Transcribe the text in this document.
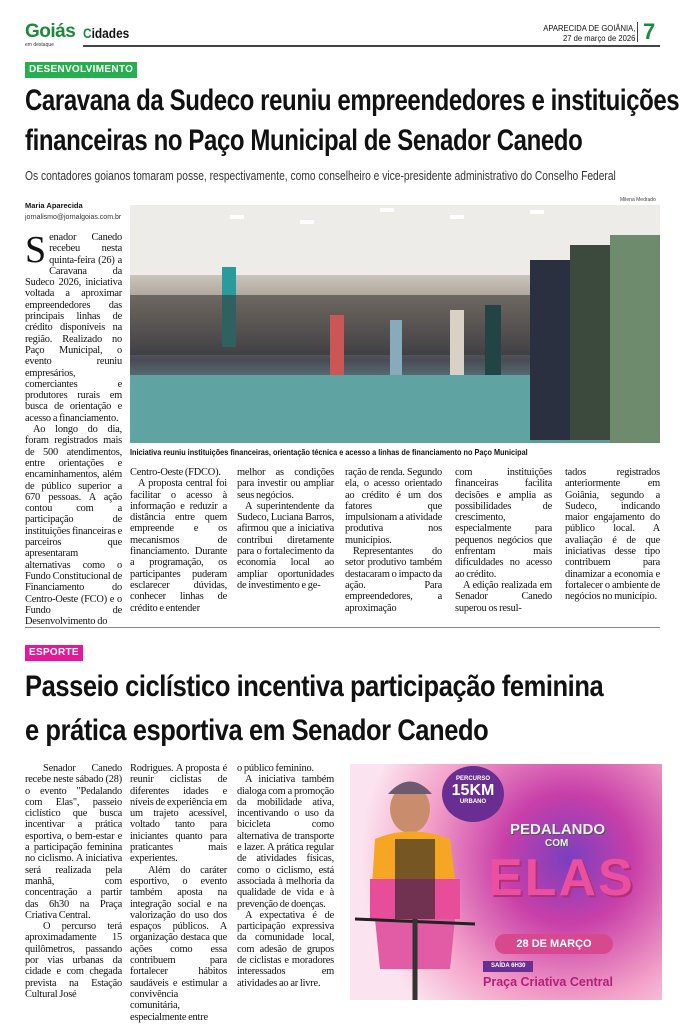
Goiás
em destaque
Cidades	APARECIDA DE GOIÂNIA,
27 de março de 2026 7
DESENVOLVIMENTO
Caravana da Sudeco reuniu empreendedores e instituições
financeiras no Paço Municipal de Senador Canedo
Os contadores goianos tomaram posse, respectivamente, como conselheiro e vice-presidente administrativo do Conselho Federal
Maria Aparecida
jornalismo@jornalgoias.com.br
Milena Medrado
Iniciativa reuniu instituições financeiras, orientação técnica e acesso a linhas de financiamento no Paço Municipal

Senador Canedo recebeu nesta quinta-feira (26) a Caravana da Sudeco 2026, iniciativa voltada a aproximar empreendedores das principais linhas de crédito disponíveis na região. Realizado no Paço Municipal, o evento reuniu empresários, comerciantes e produtores rurais em busca de orientação e acesso a financiamento.

Ao longo do dia, foram registrados mais de 500 atendimentos, entre orientações e encaminhamentos, além de público superior a 670 pessoas. A ação contou com a participação de instituições financeiras e parceiros que apresentaram alternativas como o Fundo Constitucional de Financiamento do Centro-Oeste (FCO) e o Fundo de Desenvolvimento do

Centro-Oeste (FDCO).

A proposta central foi facilitar o acesso à informação e reduzir a distância entre quem empreende e os mecanismos de financiamento. Durante a programação, os participantes puderam esclarecer dúvidas, conhecer linhas de crédito e entender

melhor as condições para investir ou ampliar seus negócios.

A superintendente da Sudeco, Luciana Barros, afirmou que a iniciativa contribui diretamente para o fortalecimento da economia local ao ampliar oportunidades de investimento e ge-

ração de renda. Segundo ela, o acesso orientado ao crédito é um dos fatores que impulsionam a atividade produtiva nos municípios.

Representantes do setor produtivo também destacaram o impacto da ação. Para empreendedores, a aproximação

com instituições financeiras facilita decisões e amplia as possibilidades de crescimento, especialmente para pequenos negócios que enfrentam mais dificuldades no acesso ao crédito.

A edição realizada em Senador Canedo superou os resul-

tados registrados anteriormente em Goiânia, segundo a Sudeco, indicando maior engajamento do público local. A avaliação é de que iniciativas desse tipo contribuem para dinamizar a economia e fortalecer o ambiente de negócios no município.

ESPORTE
Passeio ciclístico incentiva participação feminina
e prática esportiva em Senador Canedo

Senador Canedo recebe neste sábado (28) o evento "Pedalando com Elas", passeio ciclístico que busca incentivar a prática esportiva, o bem-estar e a participação feminina no ciclismo. A iniciativa será realizada pela manhã, com concentração a partir das 6h30 na Praça Criativa Central.

O percurso terá aproximadamente 15 quilômetros, passando por vias urbanas da cidade e com chegada prevista na Estação Cultural José

Rodrigues. A proposta é reunir ciclistas de diferentes idades e níveis de experiência em um trajeto acessível, voltado tanto para iniciantes quanto para praticantes mais experientes.

Além do caráter esportivo, o evento também aposta na integração social e na valorização do uso dos espaços públicos. A organização destaca que ações como essa contribuem para fortalecer hábitos saudáveis e estimular a convivência comunitária, especialmente entre

o público feminino.

A iniciativa também dialoga com a promoção da mobilidade ativa, incentivando o uso da bicicleta como alternativa de transporte e lazer. A prática regular de atividades físicas, como o ciclismo, está associada à melhoria da qualidade de vida e à prevenção de doenças.

A expectativa é de participação expressiva da comunidade local, com adesão de grupos de ciclistas e moradores interessados em atividades ao ar livre.

PERCURSO
15KM
URBANO
PEDALANDO
COM
ELAS
28 DE MARÇO
SAÍDA 6H30
Praça Criativa Central
